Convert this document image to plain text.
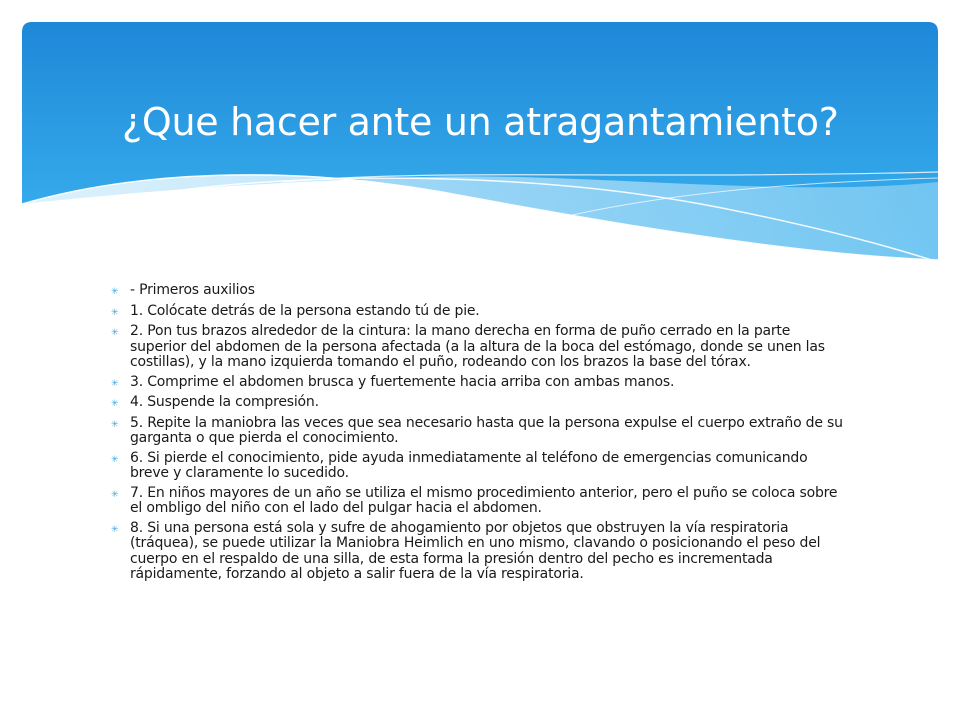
¿Que hacer ante un atragantamiento?
✳ - Primeros auxilios
✳ 1. Colócate detrás de la persona estando tú de pie.
✳ 2. Pon tus brazos alrededor de la cintura: la mano derecha en forma de puño cerrado en la parte superior del abdomen de la persona afectada (a la altura de la boca del estómago, donde se unen las costillas), y la mano izquierda tomando el puño, rodeando con los brazos la base del tórax.
✳ 3. Comprime el abdomen brusca y fuertemente hacia arriba con ambas manos.
✳ 4. Suspende la compresión.
✳ 5. Repite la maniobra las veces que sea necesario hasta que la persona expulse el cuerpo extraño de su garganta o que pierda el conocimiento.
✳ 6. Si pierde el conocimiento, pide ayuda inmediatamente al teléfono de emergencias comunicando breve y claramente lo sucedido.
✳ 7. En niños mayores de un año se utiliza el mismo procedimiento anterior, pero el puño se coloca sobre el ombligo del niño con el lado del pulgar hacia el abdomen.
✳ 8. Si una persona está sola y sufre de ahogamiento por objetos que obstruyen la vía respiratoria (tráquea), se puede utilizar la Maniobra Heimlich en uno mismo, clavando o posicionando el peso del cuerpo en el respaldo de una silla, de esta forma la presión dentro del pecho es incrementada rápidamente, forzando al objeto a salir fuera de la vía respiratoria.
